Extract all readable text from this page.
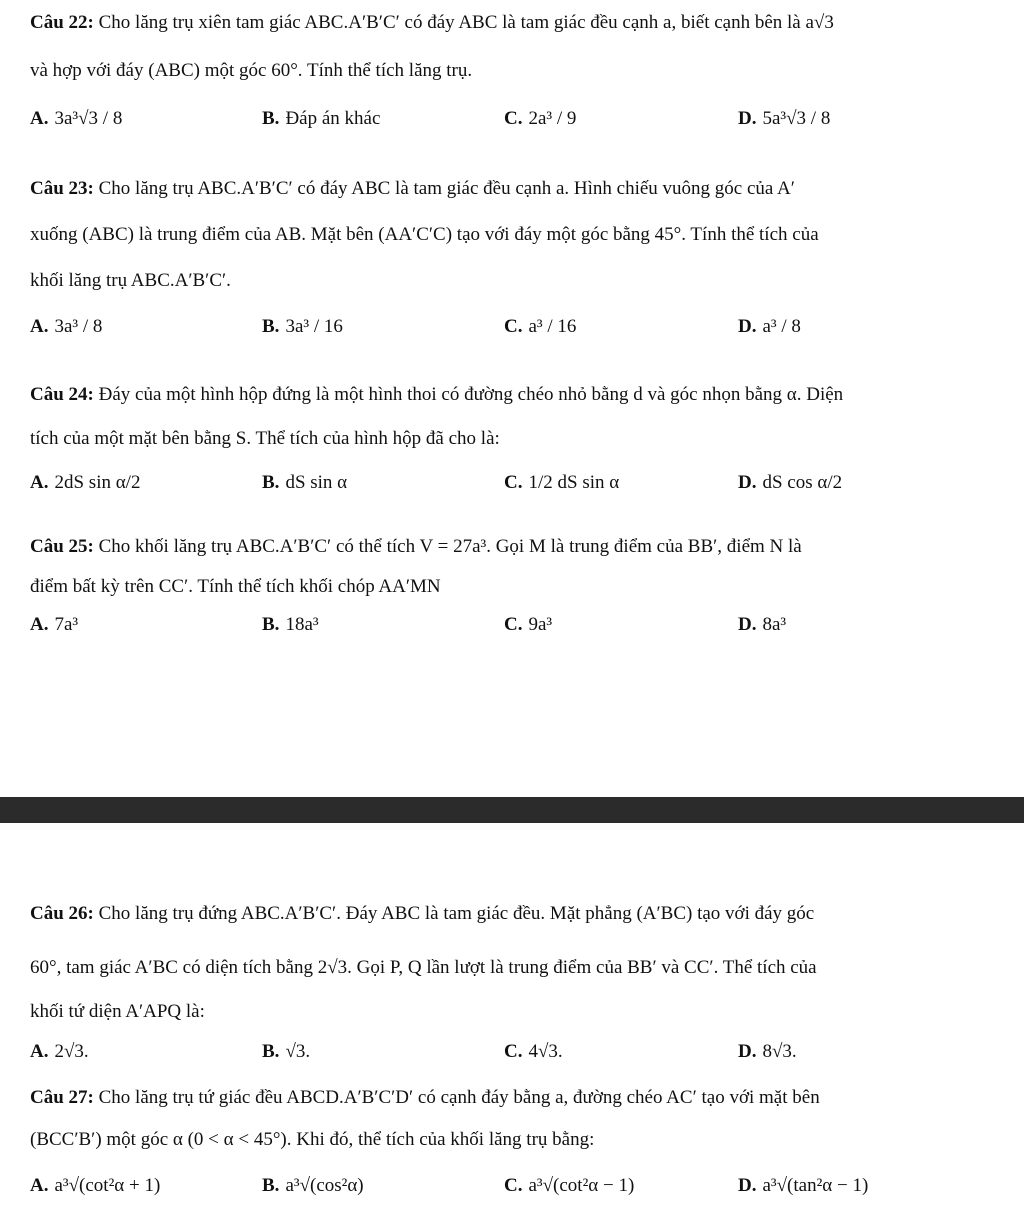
Câu 22: Cho lăng trụ xiên tam giác ABC.A′B′C′ có đáy ABC là tam giác đều cạnh a, biết cạnh bên là a√3
và hợp với đáy (ABC) một góc 60°. Tính thể tích lăng trụ.
A. 3a³√3 / 8	B. Đáp án khác	C. 2a³ / 9	D. 5a³√3 / 8
Câu 23: Cho lăng trụ ABC.A′B′C′ có đáy ABC là tam giác đều cạnh a. Hình chiếu vuông góc của A′
xuống (ABC) là trung điểm của AB. Mặt bên (AA′C′C) tạo với đáy một góc bằng 45°. Tính thể tích của
khối lăng trụ ABC.A′B′C′.
A. 3a³ / 8	B. 3a³ / 16	C. a³ / 16	D. a³ / 8
Câu 24: Đáy của một hình hộp đứng là một hình thoi có đường chéo nhỏ bằng d và góc nhọn bằng α. Diện
tích của một mặt bên bằng S. Thể tích của hình hộp đã cho là:
A. 2dS sin α/2	B. dS sin α	C. 1/2 dS sin α	D. dS cos α/2
Câu 25: Cho khối lăng trụ ABC.A′B′C′ có thể tích V = 27a³. Gọi M là trung điểm của BB′, điểm N là
điểm bất kỳ trên CC′. Tính thể tích khối chóp AA′MN
A. 7a³	B. 18a³	C. 9a³	D. 8a³
Câu 26: Cho lăng trụ đứng ABC.A′B′C′. Đáy ABC là tam giác đều. Mặt phẳng (A′BC) tạo với đáy góc
60°, tam giác A′BC có diện tích bằng 2√3. Gọi P, Q lần lượt là trung điểm của BB′ và CC′. Thể tích của
khối tứ diện A′APQ là:
A. 2√3.	B. √3.	C. 4√3.	D. 8√3.
Câu 27: Cho lăng trụ tứ giác đều ABCD.A′B′C′D′ có cạnh đáy bằng a, đường chéo AC′ tạo với mặt bên
(BCC′B′) một góc α (0 < α < 45°). Khi đó, thể tích của khối lăng trụ bằng:
A. a³√(cot²α + 1)	B. a³√(cos²α)	C. a³√(cot²α − 1)	D. a³√(tan²α − 1)
